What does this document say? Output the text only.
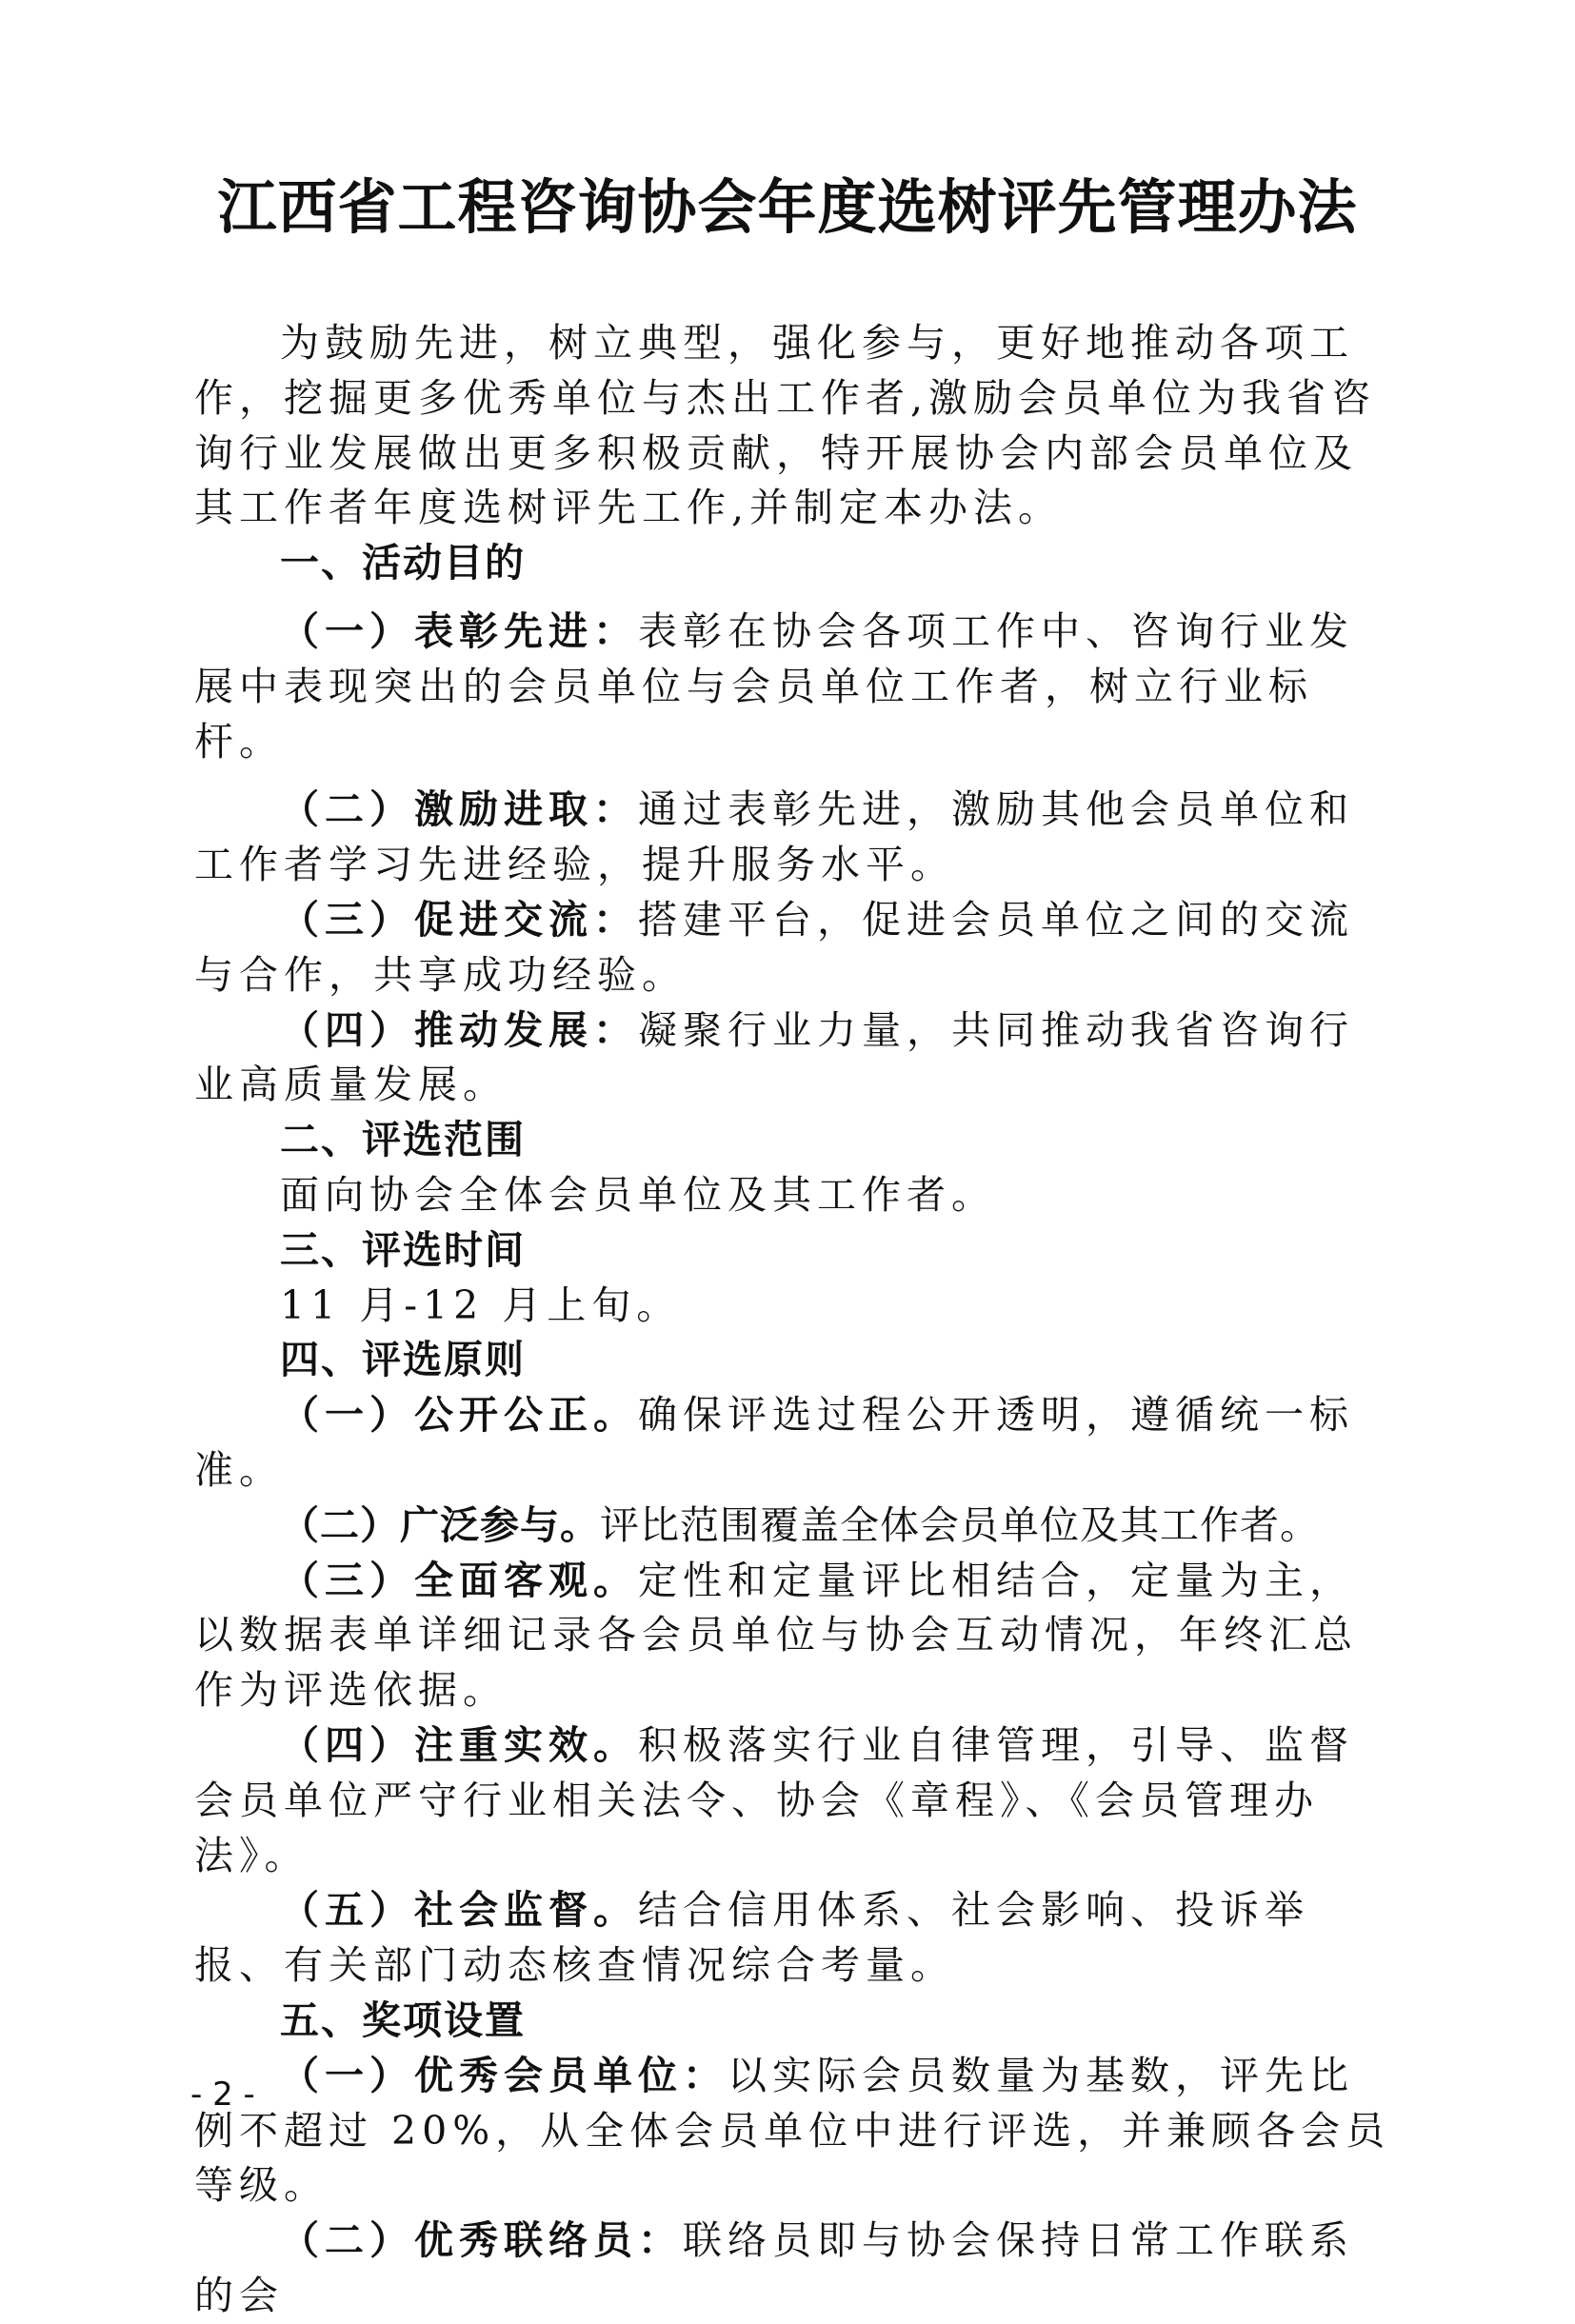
江西省工程咨询协会年度选树评先管理办法

为鼓励先进，树立典型，强化参与，更好地推动各项工作，挖掘更多优秀单位与杰出工作者,激励会员单位为我省咨询行业发展做出更多积极贡献，特开展协会内部会员单位及其工作者年度选树评先工作,并制定本办法。

一、活动目的

（一）表彰先进：表彰在协会各项工作中、咨询行业发展中表现突出的会员单位与会员单位工作者，树立行业标杆。

（二）激励进取：通过表彰先进，激励其他会员单位和工作者学习先进经验，提升服务水平。

（三）促进交流：搭建平台，促进会员单位之间的交流与合作，共享成功经验。

（四）推动发展：凝聚行业力量，共同推动我省咨询行业高质量发展。

二、评选范围

面向协会全体会员单位及其工作者。

三、评选时间

11 月-12 月上旬。

四、评选原则

（一）公开公正。确保评选过程公开透明，遵循统一标准。

（二）广泛参与。评比范围覆盖全体会员单位及其工作者。

（三）全面客观。定性和定量评比相结合，定量为主，以数据表单详细记录各会员单位与协会互动情况，年终汇总作为评选依据。

（四）注重实效。积极落实行业自律管理，引导、监督会员单位严守行业相关法令、协会《章程》、《会员管理办法》。

（五）社会监督。结合信用体系、社会影响、投诉举报、有关部门动态核查情况综合考量。

五、奖项设置

（一）优秀会员单位：以实际会员数量为基数，评先比例不超过 20%，从全体会员单位中进行评选，并兼顾各会员等级。

（二）优秀联络员：联络员即与协会保持日常工作联系的会

- 2 -
